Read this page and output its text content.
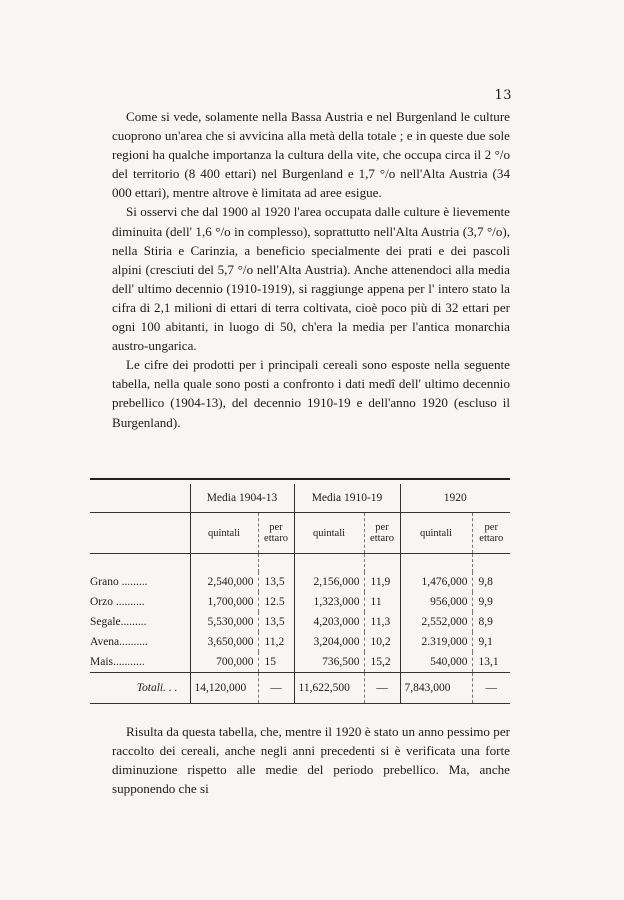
13

Come si vede, solamente nella Bassa Austria e nel Burgenland le culture cuoprono un'area che si avvicina alla metà della totale ; e in queste due sole regioni ha qualche importanza la cultura della vite, che occupa circa il 2 °/o del territorio (8 400 ettari) nel Burgenland e 1,7 °/o nell'Alta Austria (34 000 ettari), mentre altrove è limitata ad aree esigue.

Si osservi che dal 1900 al 1920 l'area occupata dalle culture è lievemente diminuita (dell' 1,6 °/o in complesso), soprattutto nell'Alta Austria (3,7 °/o), nella Stiria e Carinzia, a beneficio specialmente dei prati e dei pascoli alpini (cresciuti del 5,7 °/o nell'Alta Austria). Anche attenendoci alla media dell' ultimo decennio (1910-1919), si raggiunge appena per l' intero stato la cifra di 2,1 milioni di ettari di terra coltivata, cioè poco più di 32 ettari per ogni 100 abitanti, in luogo di 50, ch'era la media per l'antica monarchia austro-ungarica.

Le cifre dei prodotti per i principali cereali sono esposte nella seguente tabella, nella quale sono posti a confronto i dati medî dell' ultimo decennio prebellico (1904-13), del decennio 1910-19 e dell'anno 1920 (escluso il Burgenland).

	Media 1904-13		Media 1910-19		1920	
	quintali	per ettaro	quintali	per ettaro	quintali	per ettaro

Grano .........	2,540,000	13,5	2,156,000	11,9	1,476,000	9,8
Orzo ..........	1,700,000	12.5	1,323,000	11	956,000	9,9
Segale.........	5,530,000	13,5	4,203,000	11,3	2,552,000	8,9
Avena..........	3,650,000	11,2	3,204,000	10,2	2.319,000	9,1
Mais...........	700,000	15	736,500	15,2	540,000	13,1
Totali. . .	14,120,000	—	11,622,500	—	7,843,000	—

Risulta da questa tabella, che, mentre il 1920 è stato un anno pessimo per raccolto dei cereali, anche negli anni precedenti si è verificata una forte diminuzione rispetto alle medie del periodo prebellico. Ma, anche supponendo che si
